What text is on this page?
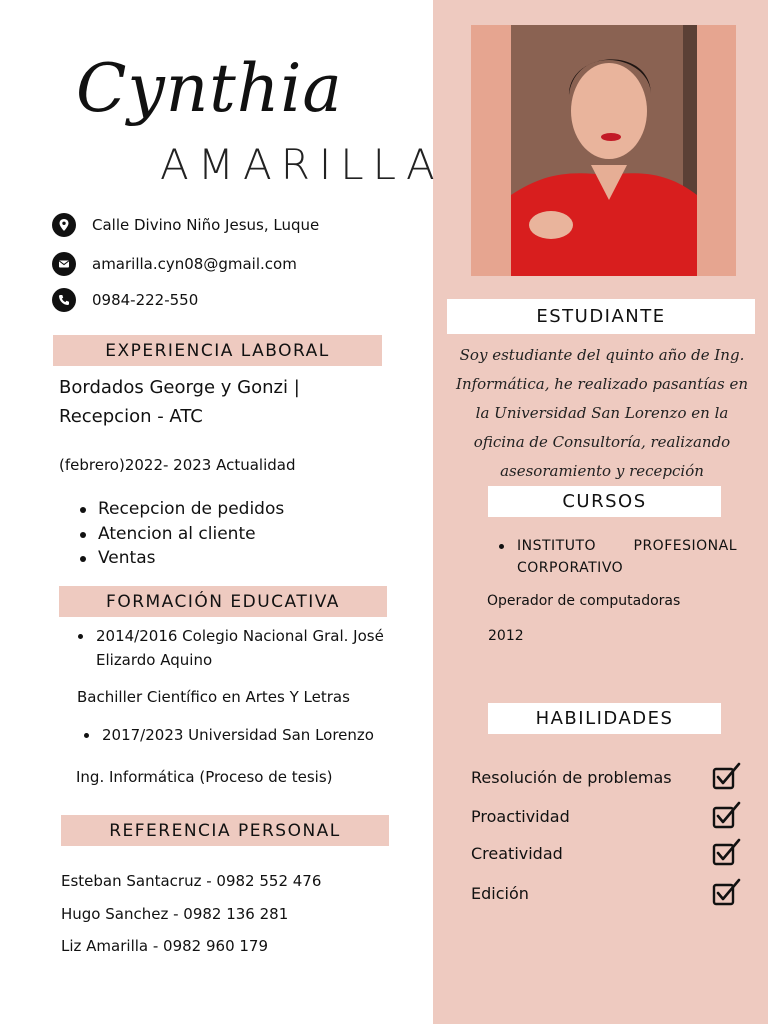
Cynthia
AMARILLA
Calle Divino Niño Jesus, Luque
amarilla.cyn08@gmail.com
0984-222-550
EXPERIENCIA LABORAL
Bordados George y Gonzi | Recepcion - ATC
(febrero)2022- 2023 Actualidad
Recepcion de pedidos
Atencion al cliente
Ventas
FORMACIÓN EDUCATIVA
2014/2016 Colegio Nacional Gral. José Elizardo Aquino
Bachiller Científico en Artes Y Letras
2017/2023 Universidad San Lorenzo
Ing. Informática (Proceso de tesis)
REFERENCIA PERSONAL
Esteban Santacruz - 0982 552 476
Hugo Sanchez - 0982 136 281
Liz Amarilla - 0982 960 179
ESTUDIANTE
Soy estudiante del quinto año de Ing. Informática, he realizado pasantías en la Universidad San Lorenzo en la oficina de Consultoría, realizando asesoramiento y recepción
CURSOS
INSTITUTO	PROFESIONAL
CORPORATIVO
Operador de computadoras
2012
HABILIDADES
Resolución de problemas
Proactividad
Creatividad
Edición
